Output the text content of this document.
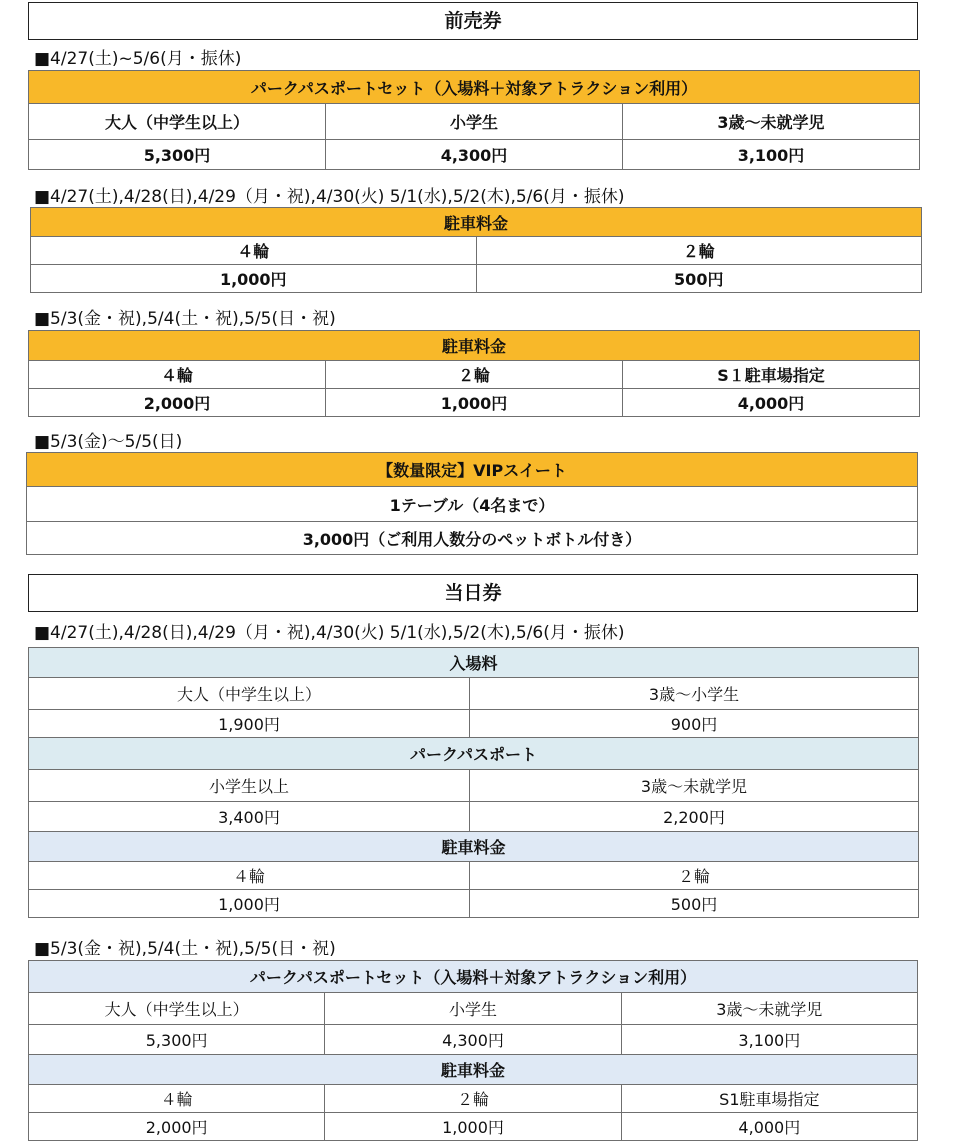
前売券
■4/27(土)~5/6(月・振休)
パークパスポートセット（入場料＋対象アトラクション利用）		
大人（中学生以上）	小学生	3歳～未就学児
5,300円	4,300円	3,100円
■4/27(土),4/28(日),4/29（月・祝),4/30(火) 5/1(水),5/2(木),5/6(月・振休)
駐車料金	
４輪	２輪
1,000円	500円
■5/3(金・祝),5/4(土・祝),5/5(日・祝)
駐車料金		
４輪	２輪	S１駐車場指定
2,000円	1,000円	4,000円
■5/3(金)～5/5(日)
【数量限定】VIPスイート
1テーブル（4名まで）
3,000円（ご利用人数分のペットボトル付き）
当日券
■4/27(土),4/28(日),4/29（月・祝),4/30(火) 5/1(水),5/2(木),5/6(月・振休)
入場料	
大人（中学生以上）	3歳～小学生
1,900円	900円
パークパスポート	
小学生以上	3歳～未就学児
3,400円	2,200円
駐車料金	
４輪	２輪
1,000円	500円
■5/3(金・祝),5/4(土・祝),5/5(日・祝)
パークパスポートセット（入場料＋対象アトラクション利用）		
大人（中学生以上）	小学生	3歳～未就学児
5,300円	4,300円	3,100円
駐車料金		
４輪	２輪	S1駐車場指定
2,000円	1,000円	4,000円
